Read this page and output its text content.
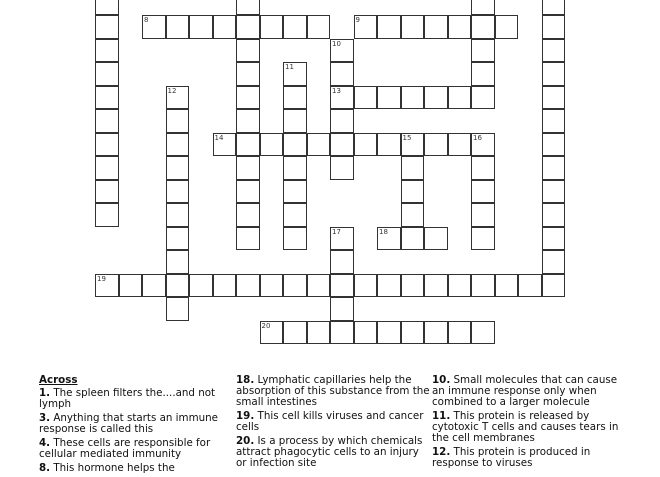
8	9
10
13
11
12
14	15	16
17	18
19
20
Across
1. The spleen filters the....and not lymph
3. Anything that starts an immune response is called this
4. These cells are responsible for cellular mediated immunity
8. This hormone helps the
18. Lymphatic capillaries help the absorption of this substance from the small intestines
19. This cell kills viruses and cancer cells
20. Is a process by which chemicals attract phagocytic cells to an injury or infection site
10. Small molecules that can cause an immune response only when combined to a larger molecule
11. This protein is released by cytotoxic T cells and causes tears in the cell membranes
12. This protein is produced in response to viruses
